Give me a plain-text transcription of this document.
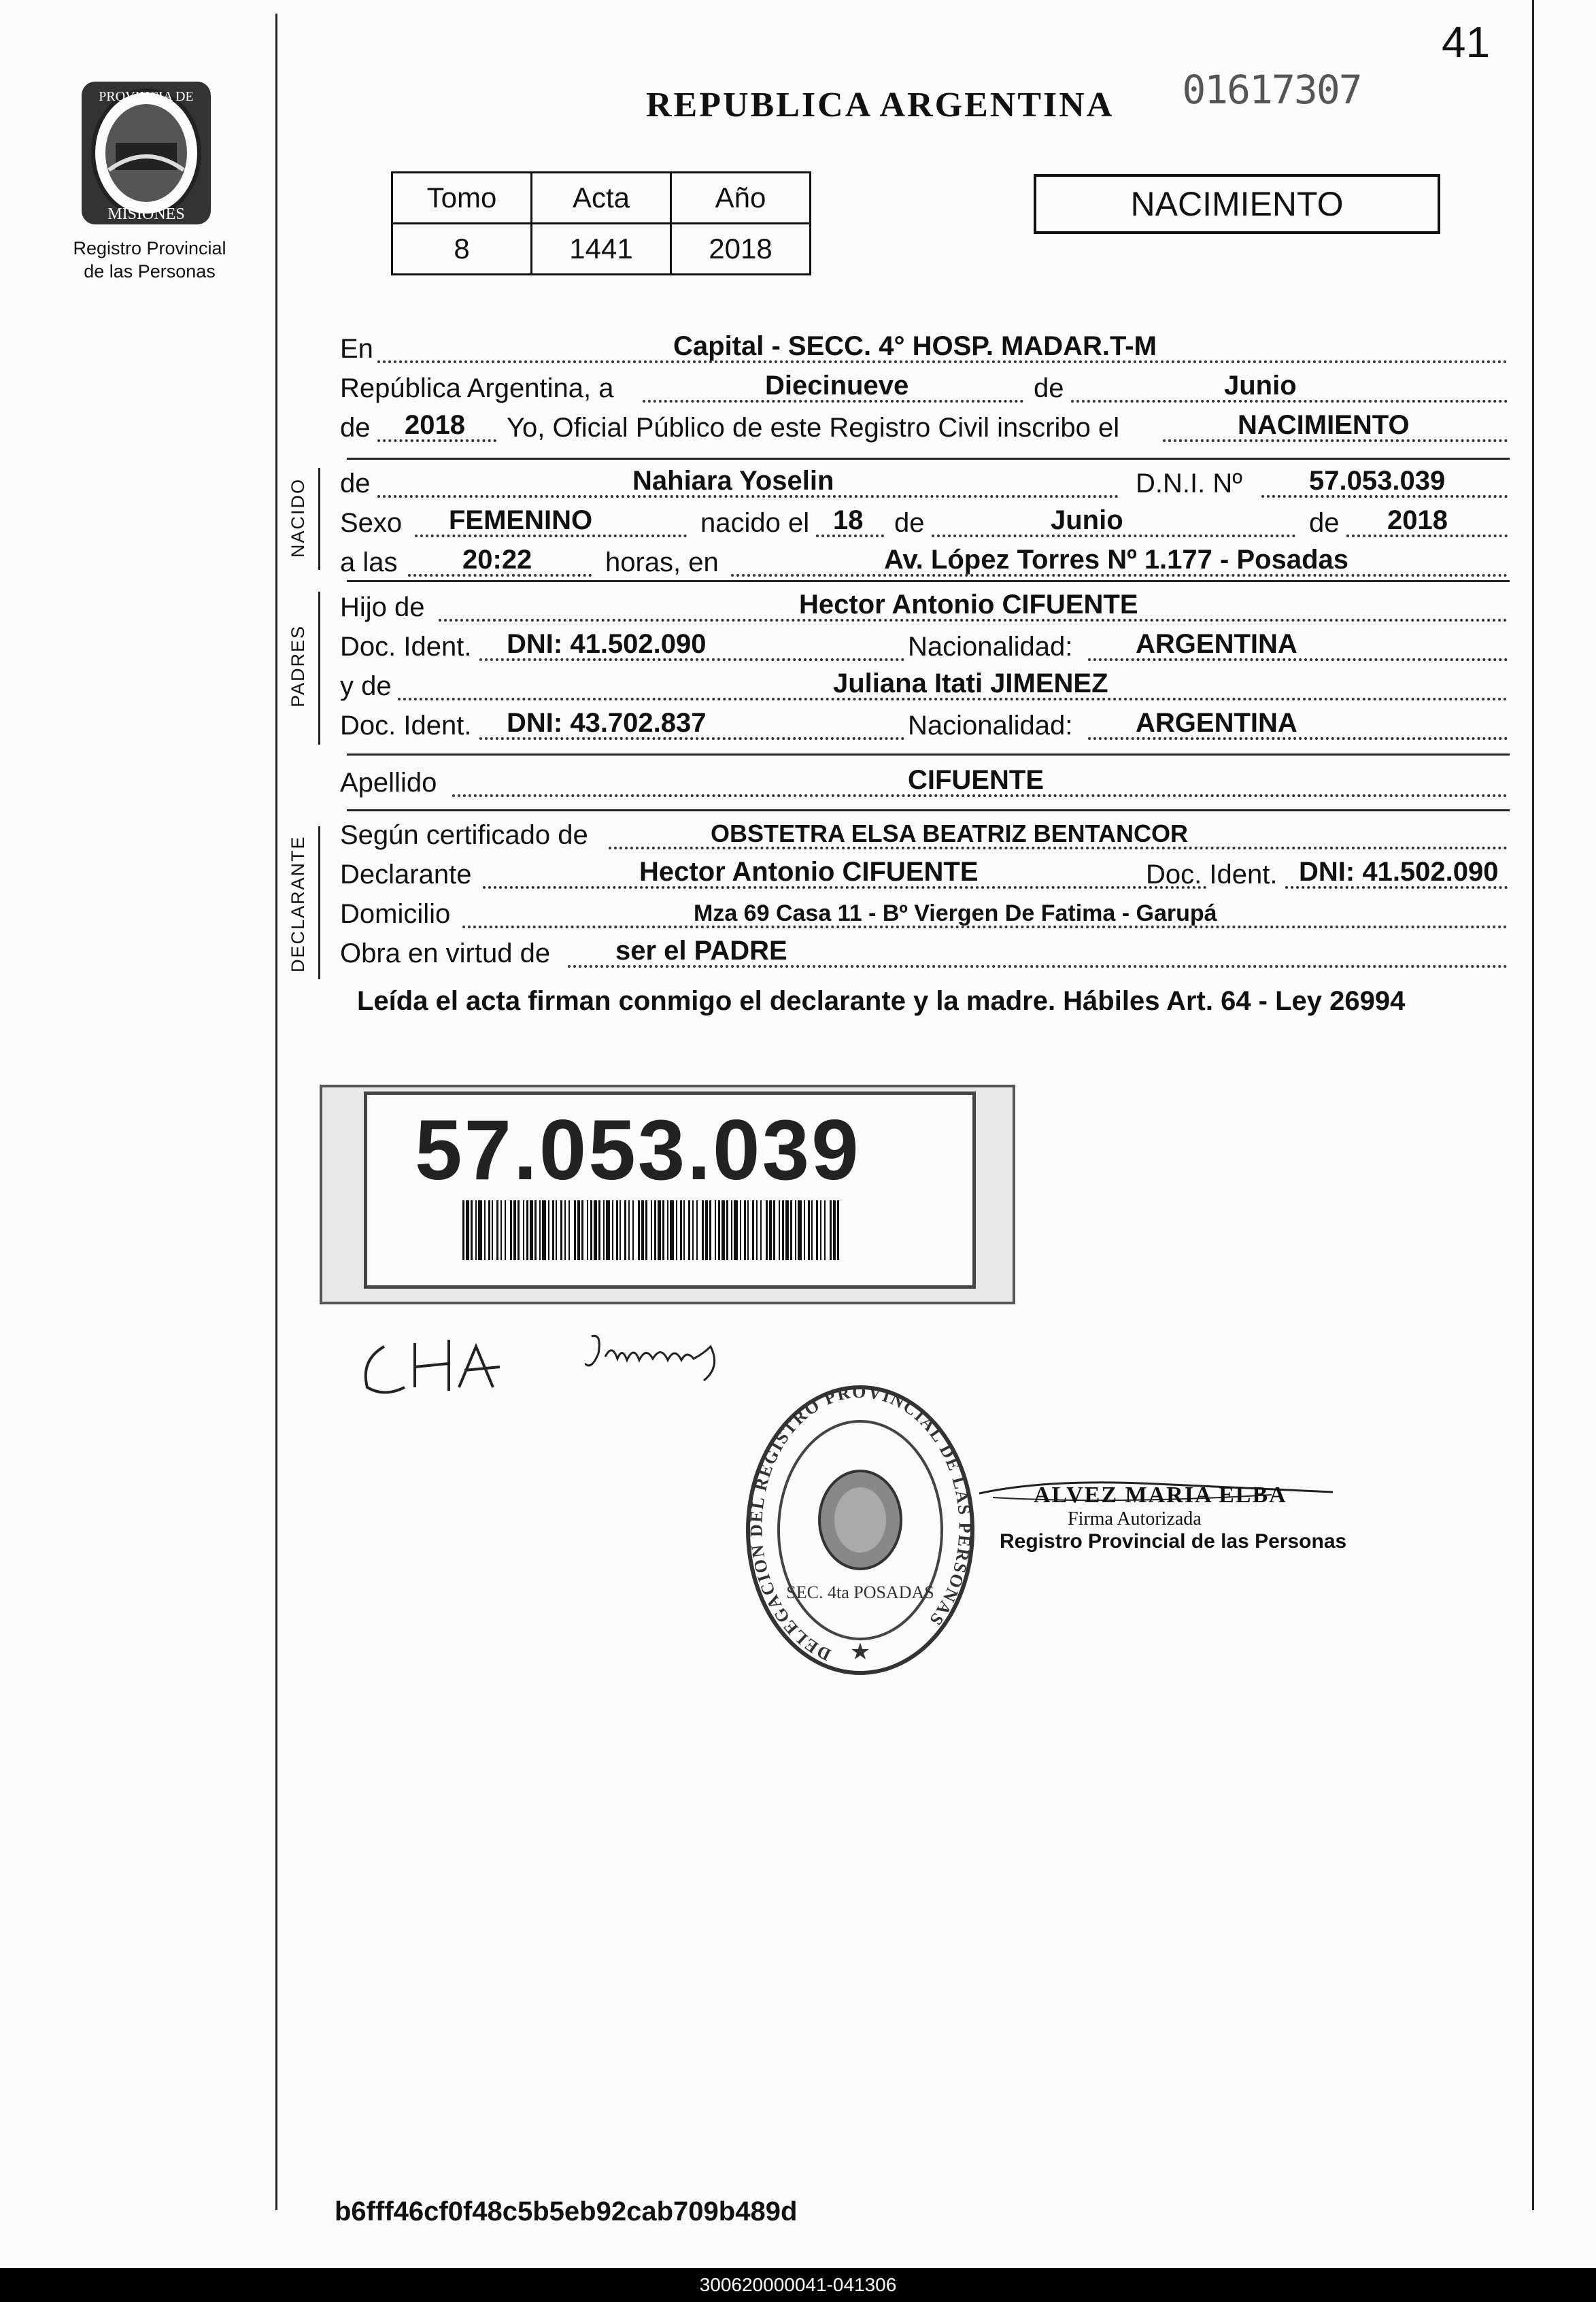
PROVINCIA DE
MISIONES
Registro Provincial
de las Personas
41
01617307
REPUBLICA ARGENTINA
Tomo	Acta	Año
8	1441	2018
NACIMIENTO
En	Capital - SECC. 4° HOSP. MADAR.T-M
República Argentina, a	Diecinueve	de	Junio
de 2018 Yo, Oficial Público de este Registro Civil inscribo el	NACIMIENTO
NACIDO de	Nahiara Yoselin	D.N.I. Nº 57.053.039
Sexo FEMENINO	nacido el 18 de	Junio	de 2018
a las 20:22	horas, en	Av. López Torres Nº 1.177 - Posadas
PADRES
Hijo de	Hector Antonio CIFUENTE
Doc. Ident. DNI: 41.502.090	Nacionalidad: ARGENTINA
y de	Juliana Itati JIMENEZ
Doc. Ident. DNI: 43.702.837	Nacionalidad: ARGENTINA
Apellido	CIFUENTE
DECLARANTE
Según certificado de	OBSTETRA ELSA BEATRIZ BENTANCOR
Declarante	Hector Antonio CIFUENTE	Doc. Ident. DNI: 41.502.090
Domicilio	Mza 69 Casa 11 - Bº Viergen De Fatima - Garupá
Obra en virtud de ser el PADRE
Leída el acta firman conmigo el declarante y la madre. Hábiles Art. 64 - Ley 26994
57.053.039
CHA
Jimenez
DELEGACION DEL REGISTRO PROVINCIAL DE LAS PERSONAS
SEC. 4ta POSADAS
★
ALVEZ MARIA ELBA
Firma Autorizada
Registro Provincial de las Personas
b6fff46cf0f48c5b5eb92cab709b489d
300620000041-041306
